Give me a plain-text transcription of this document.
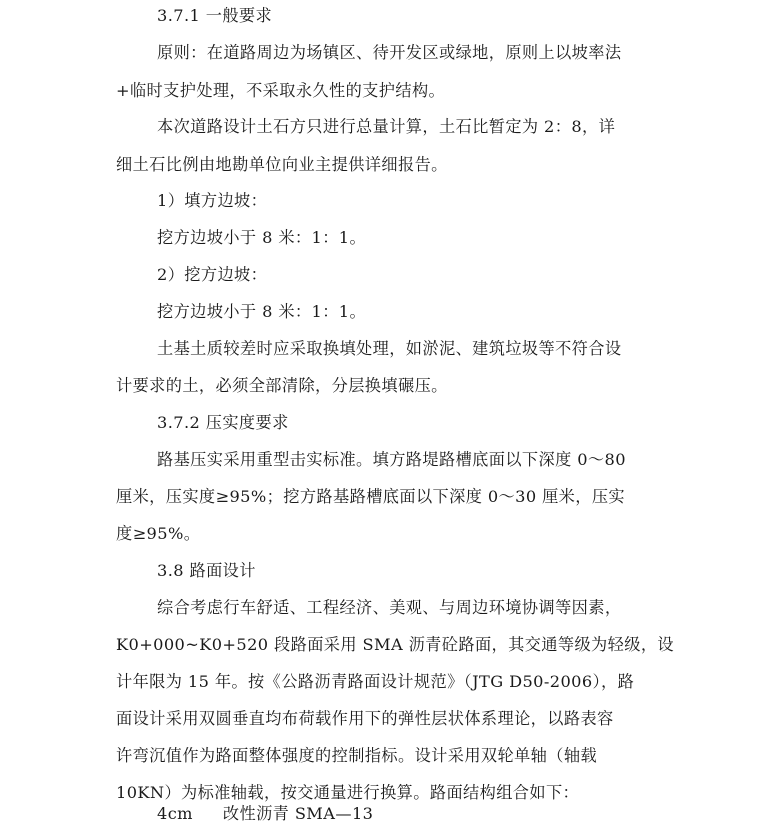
3.7.1 一般要求
原则：在道路周边为场镇区、待开发区或绿地，原则上以坡率法
+临时支护处理，不采取永久性的支护结构。
本次道路设计土石方只进行总量计算，土石比暂定为 2：8，详
细土石比例由地勘单位向业主提供详细报告。
1）填方边坡：
挖方边坡小于 8 米：1：1。
2）挖方边坡：
挖方边坡小于 8 米：1：1。
土基土质较差时应采取换填处理，如淤泥、建筑垃圾等不符合设
计要求的土，必须全部清除，分层换填碾压。
3.7.2 压实度要求
路基压实采用重型击实标准。填方路堤路槽底面以下深度 0～80
厘米，压实度≥95%；挖方路基路槽底面以下深度 0～30 厘米，压实
度≥95%。
3.8 路面设计
综合考虑行车舒适、工程经济、美观、与周边环境协调等因素，
K0+000~K0+520 段路面采用 SMA 沥青砼路面，其交通等级为轻级，设
计年限为 15 年。按《公路沥青路面设计规范》（JTG D50-2006），路
面设计采用双圆垂直均布荷载作用下的弹性层状体系理论，以路表容
许弯沉值作为路面整体强度的控制指标。设计采用双轮单轴（轴载
10KN）为标准轴载，按交通量进行换算。路面结构组合如下：
4cm 改性沥青 SMA—13
